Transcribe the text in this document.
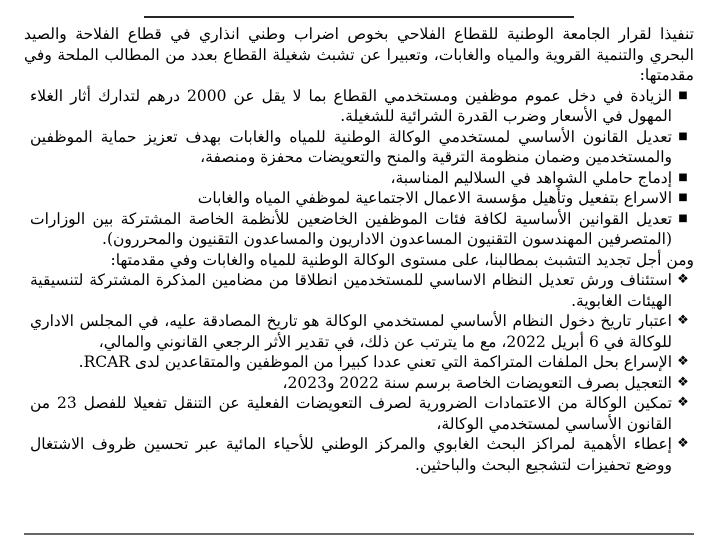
تنفيذا لقرار الجامعة الوطنية للقطاع الفلاحي بخوص اضراب وطني انذاري في قطاع الفلاحة والصيد البحري والتنمية القروية والمياه والغابات، وتعبيرا عن تشبث شغيلة القطاع بعدد من المطالب الملحة وفي مقدمتها:

■
الزيادة في دخل عموم موظفين ومستخدمي القطاع بما لا يقل عن 2000 درهم لتدارك أثار الغلاء المهول في الأسعار وضرب القدرة الشرائية للشغيلة.
■
تعديل القانون الأساسي لمستخدمي الوكالة الوطنية للمياه والغابات بهدف تعزيز حماية الموظفين والمستخدمين وضمان منظومة الترقية والمنح والتعويضات محفزة ومنصفة،
■
إدماج حاملي الشواهد في السلاليم المناسبة،
■
الاسراع بتفعيل وتأهيل مؤسسة الاعمال الاجتماعية لموظفي المياه والغابات
■
تعديل القوانين الأساسية لكافة فئات الموظفين الخاضعين للأنظمة الخاصة المشتركة بين الوزارات (المتصرفين المهندسون التقنيون المساعدون الاداريون والمساعدون التقنيون والمحررون).

ومن أجل تجديد التشبث بمطالبنا، على مستوى الوكالة الوطنية للمياه والغابات وفي مقدمتها:

❖
استئناف ورش تعديل النظام الاساسي للمستخدمين انطلاقا من مضامين المذكرة المشتركة لتنسيقية الهيئات الغابوية.
❖
اعتبار تاريخ دخول النظام الأساسي لمستخدمي الوكالة هو تاريخ المصادقة عليه، في المجلس الاداري للوكالة في 6 أبريل 2022، مع ما يترتب عن ذلك، في تقدير الأثر الرجعي القانوني والمالي،
❖
الإسراع بحل الملفات المتراكمة التي تعني عددا كبيرا من الموظفين والمتقاعدين لدى RCAR.
❖
التعجيل بصرف التعويضات الخاصة برسم سنة 2022 و2023،
❖
تمكين الوكالة من الاعتمادات الضرورية لصرف التعويضات الفعلية عن التنقل تفعيلا للفصل 23 من القانون الأساسي لمستخدمي الوكالة،
❖
إعطاء الأهمية لمراكز البحث الغابوي والمركز الوطني للأحياء المائية عبر تحسين ظروف الاشتغال ووضع تحفيزات لتشجيع البحث والباحثين.
